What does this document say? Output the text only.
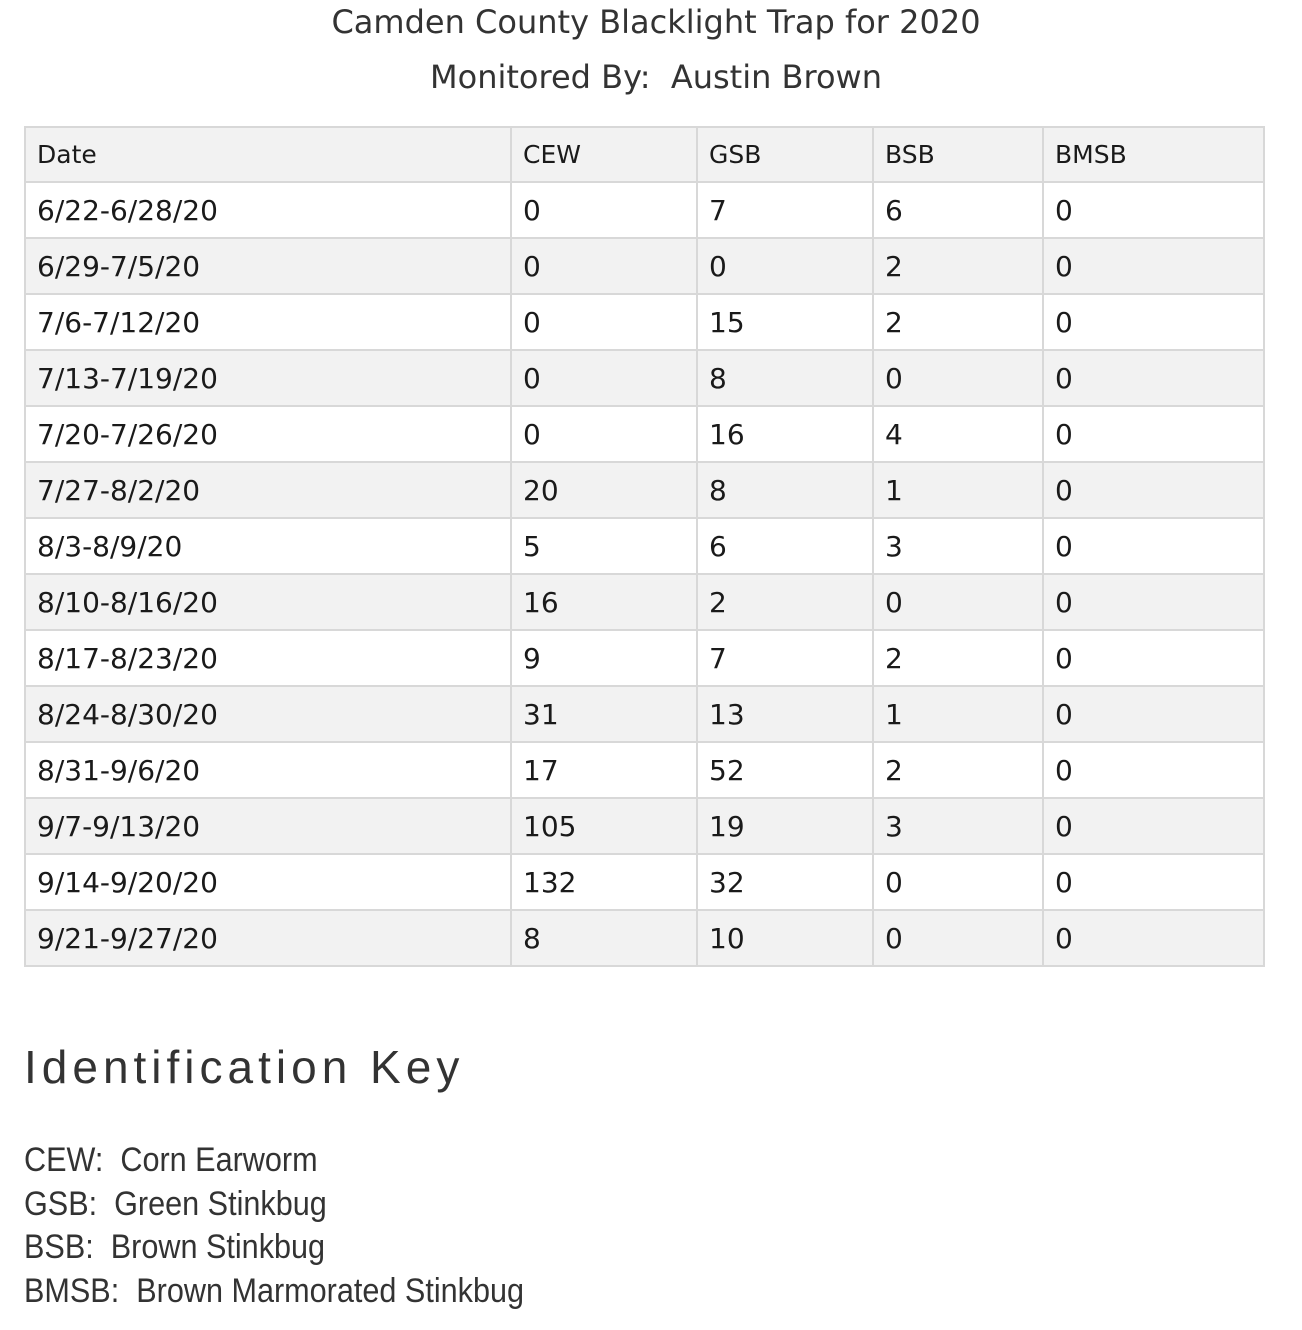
Camden County Blacklight Trap for 2020
Monitored By:  Austin Brown
Date	CEW	GSB	BSB	BMSB
6/22-6/28/20	0	7	6	0
6/29-7/5/20	0	0	2	0
7/6-7/12/20	0	15	2	0
7/13-7/19/20	0	8	0	0
7/20-7/26/20	0	16	4	0
7/27-8/2/20	20	8	1	0
8/3-8/9/20	5	6	3	0
8/10-8/16/20	16	2	0	0
8/17-8/23/20	9	7	2	0
8/24-8/30/20	31	13	1	0
8/31-9/6/20	17	52	2	0
9/7-9/13/20	105	19	3	0
9/14-9/20/20	132	32	0	0
9/21-9/27/20	8	10	0	0
Identification Key
CEW:  Corn Earworm
GSB:  Green Stinkbug
BSB:  Brown Stinkbug
BMSB:  Brown Marmorated Stinkbug
